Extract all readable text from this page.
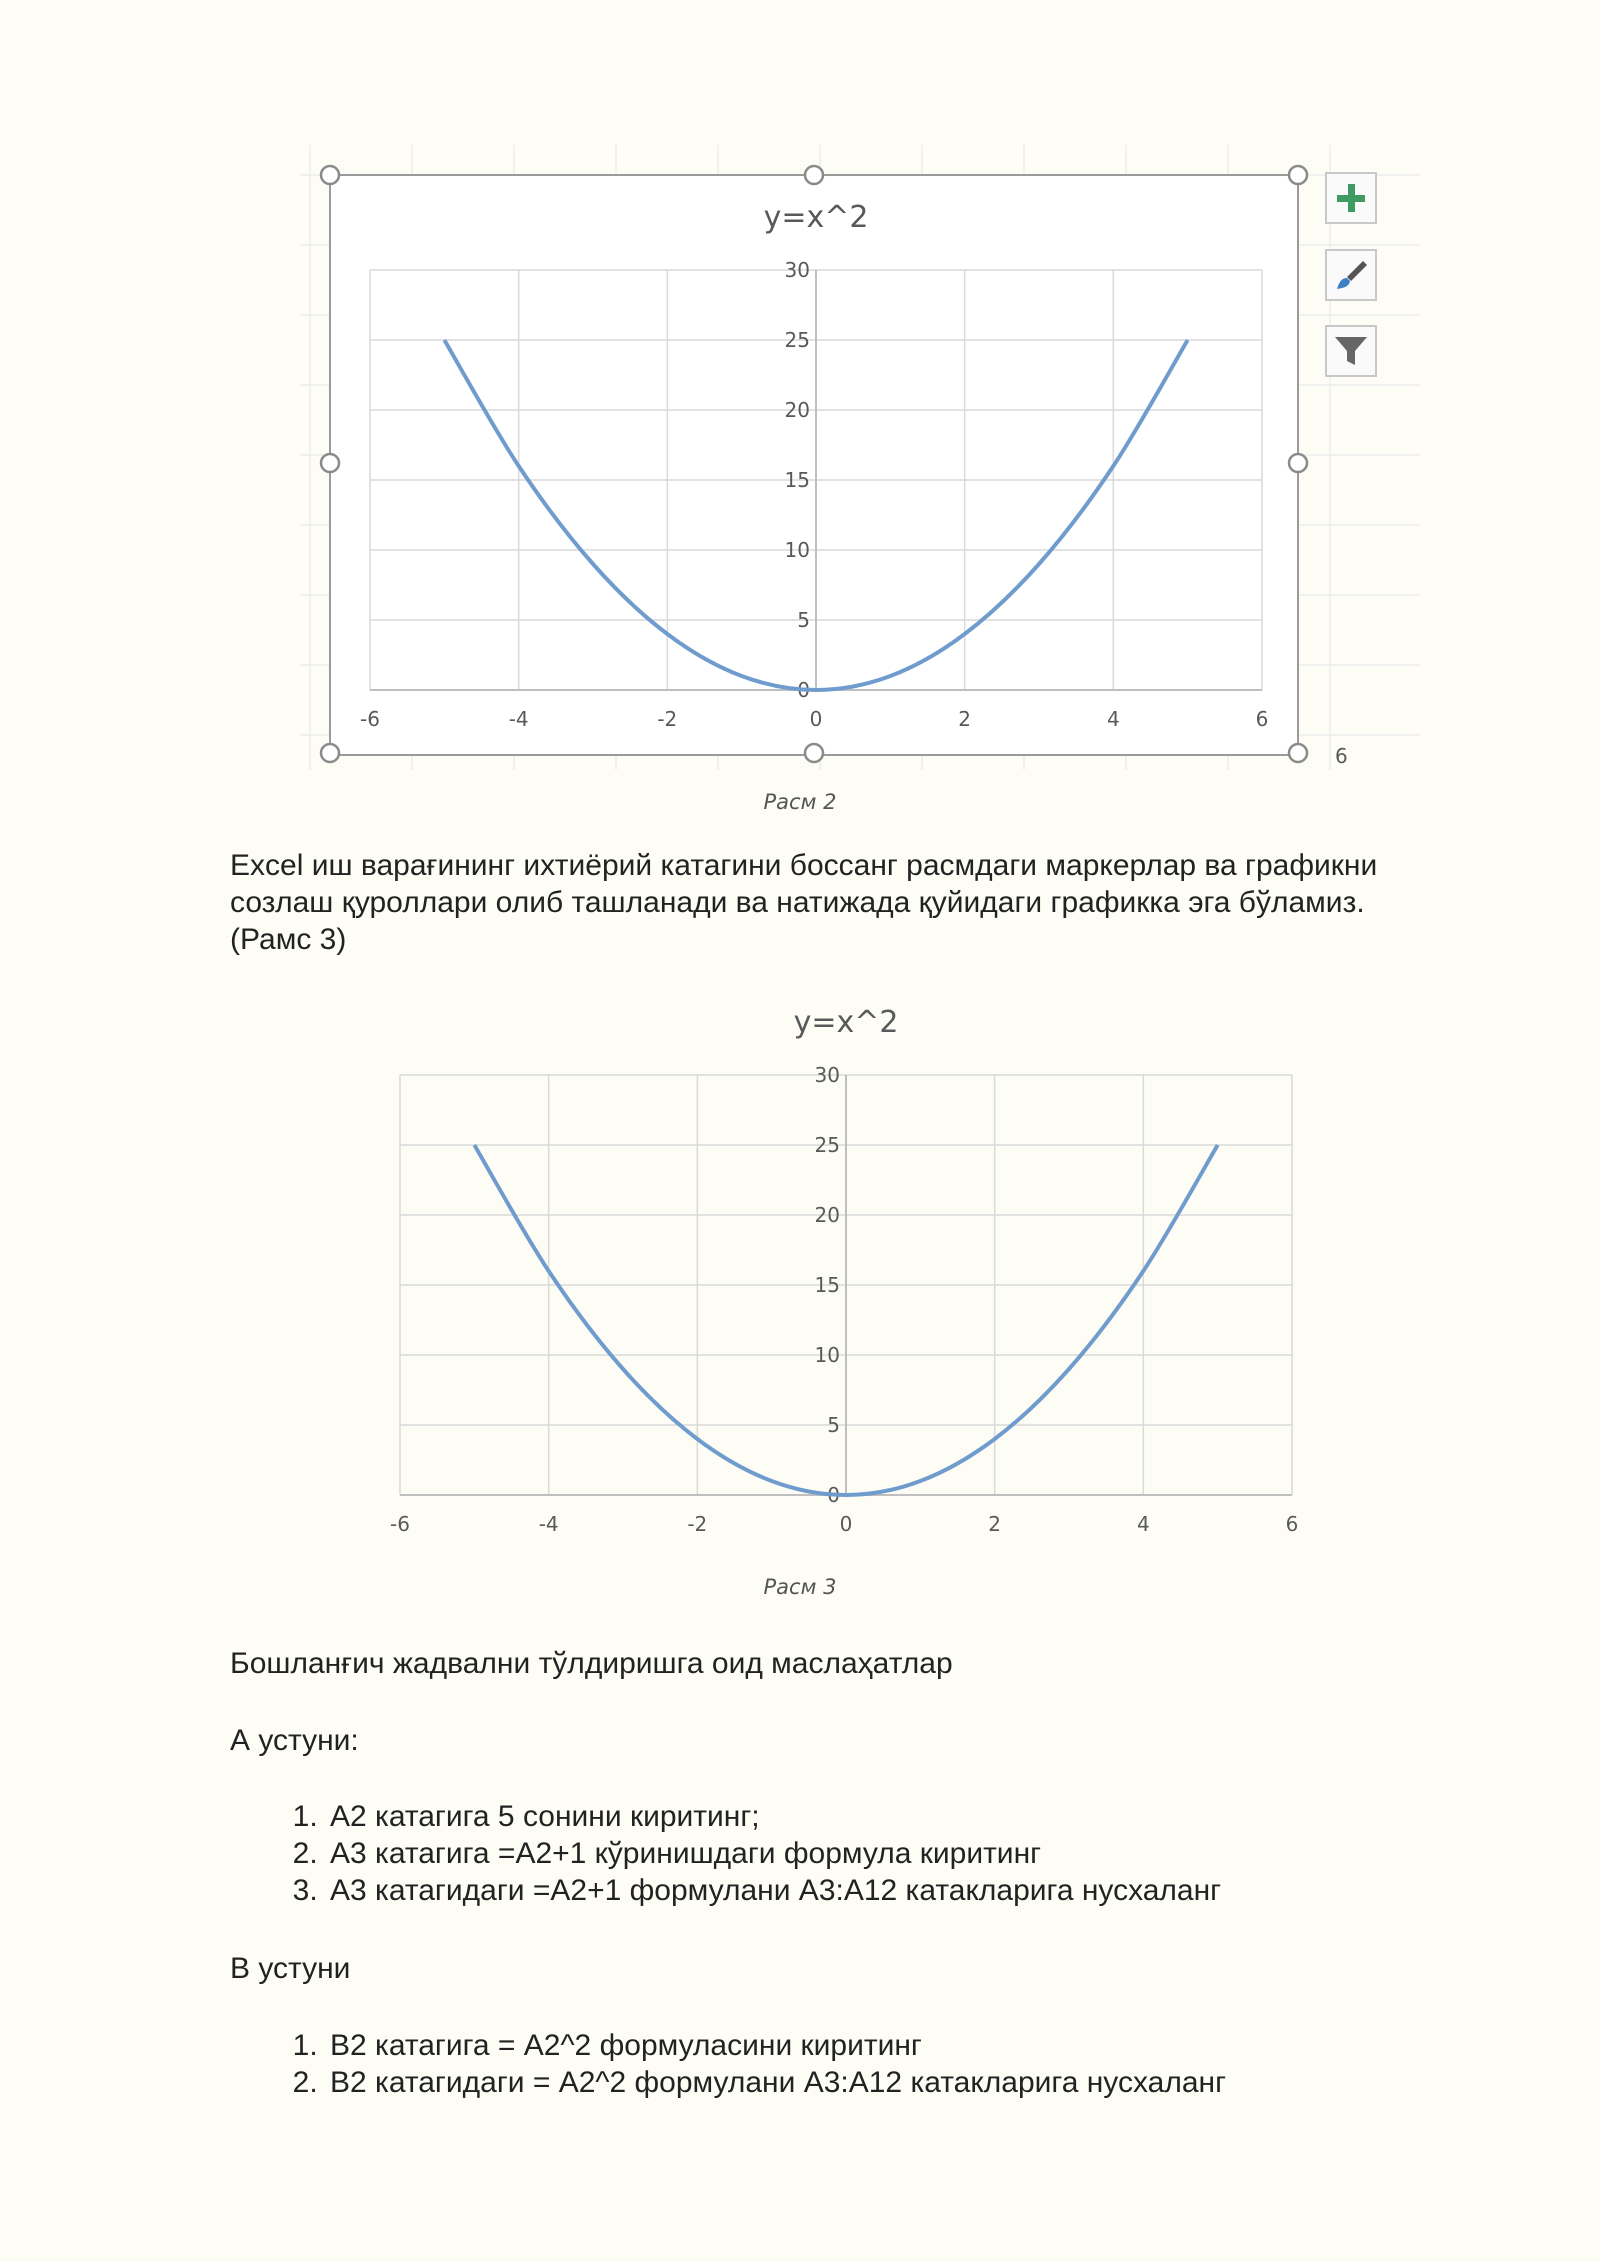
y=x^2
0
5
10
15
20
25
30
-6	-4	-2	0	2	4	6
6
Расм 2

Excel иш варағининг ихтиёрий катагини боссанг расмдаги маркерлар ва графикни

созлаш қуроллари олиб ташланади ва натижада қуйидаги графикка эга бўламиз.

(Рамс 3)

y=x^2
0
5
10
15
20
25
30
-6	-4	-2	0	2	4	6
Расм 3
Бошланғич жадвални тўлдиришга оид маслаҳатлар
А устуни:
1. А2 катагига 5 сонини киритинг;
2. А3 катагига =А2+1 кўринишдаги формула киритинг
3. А3 катагидаги =А2+1 формулани А3:А12 катакларига нусхаланг
В устуни
1. В2 катагига = А2^2 формуласини киритинг
2. В2 катагидаги = А2^2 формулани А3:А12 катакларига нусхаланг
